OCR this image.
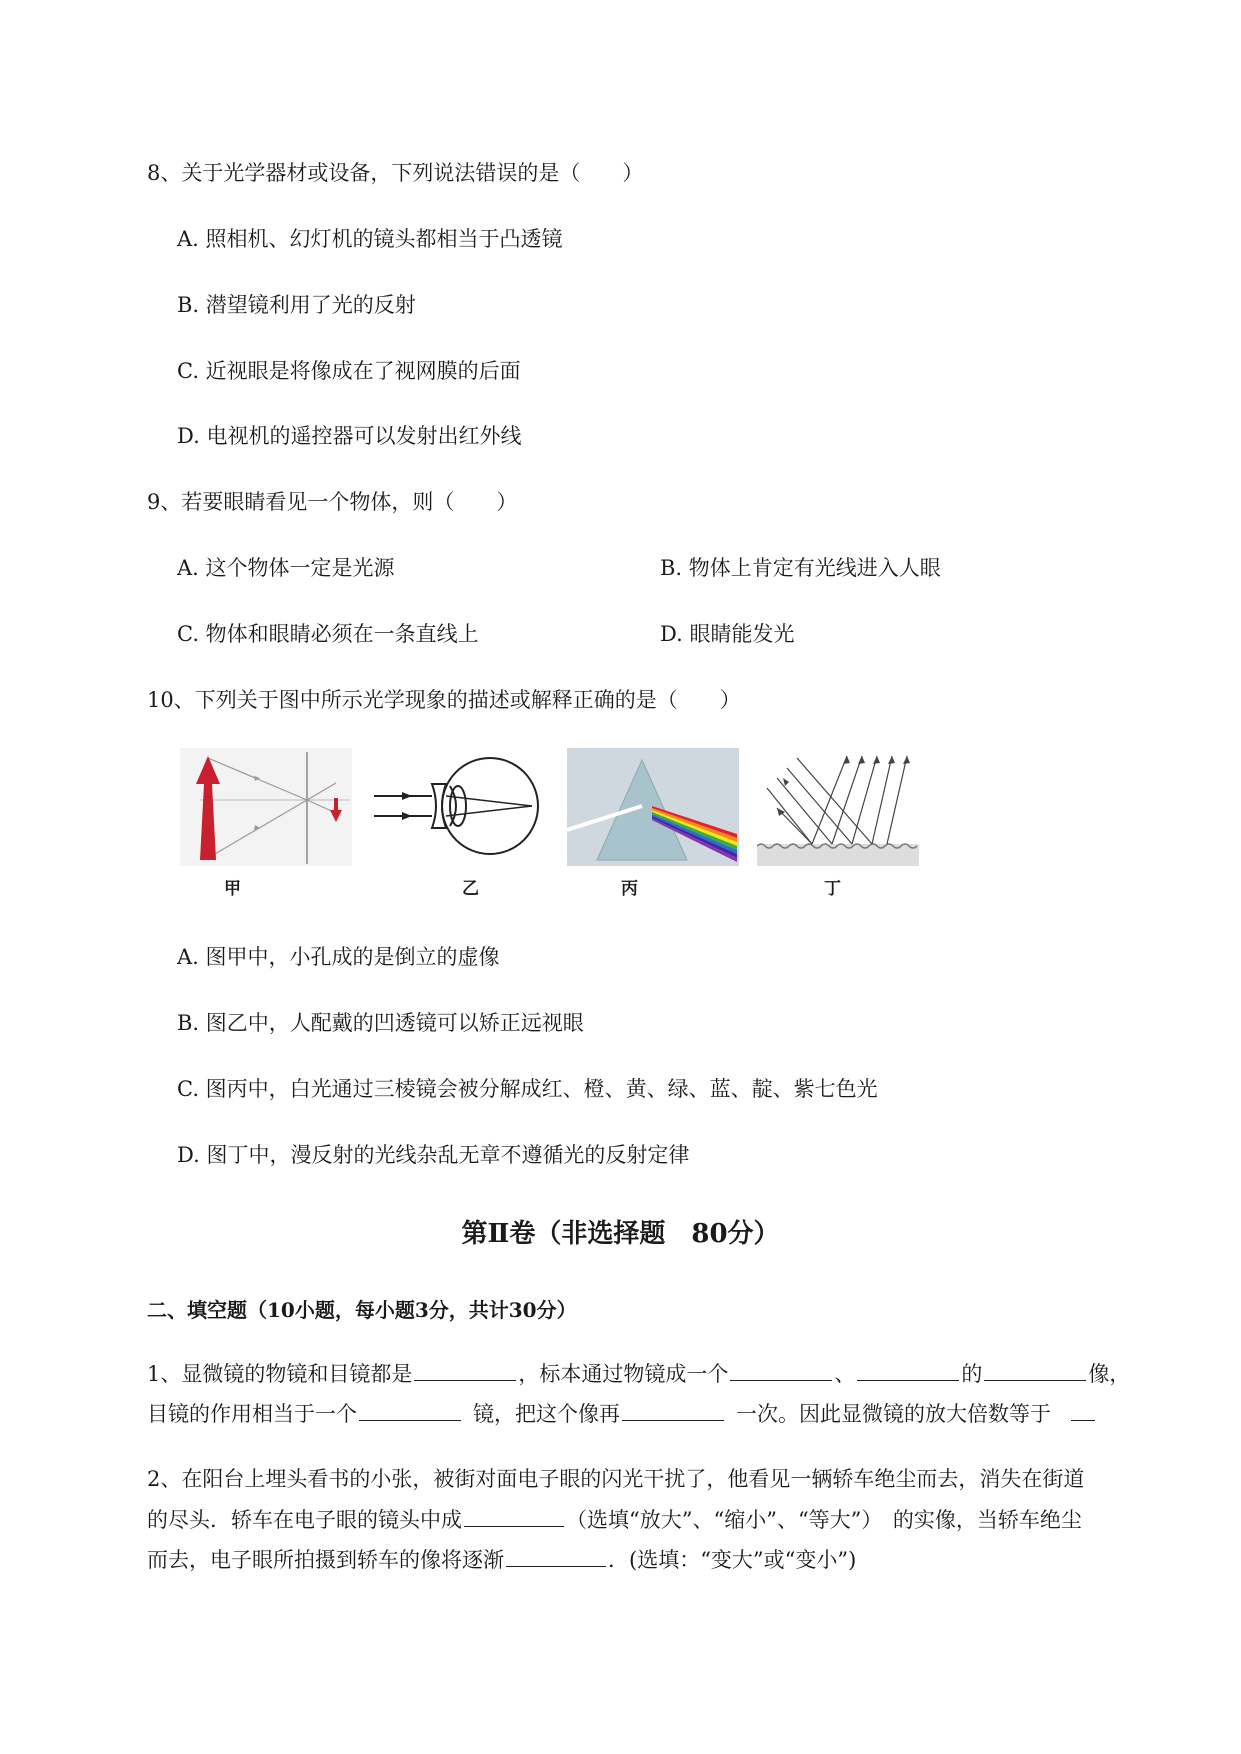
8、关于光学器材或设备，下列说法错误的是（　　）
A. 照相机、幻灯机的镜头都相当于凸透镜
B. 潜望镜利用了光的反射
C. 近视眼是将像成在了视网膜的后面
D. 电视机的遥控器可以发射出红外线
9、若要眼睛看见一个物体，则（　　）
A. 这个物体一定是光源	B. 物体上肯定有光线进入人眼
C. 物体和眼睛必须在一条直线上	D. 眼睛能发光
10、下列关于图中所示光学现象的描述或解释正确的是（　　）
甲	乙	丙	丁
A. 图甲中，小孔成的是倒立的虚像
B. 图乙中，人配戴的凹透镜可以矫正远视眼
C. 图丙中，白光通过三棱镜会被分解成红、橙、黄、绿、蓝、靛、紫七色光
D. 图丁中，漫反射的光线杂乱无章不遵循光的反射定律
第Ⅱ卷（非选择题　80分）
二、填空题（10小题，每小题3分，共计30分）
1、显微镜的物镜和目镜都是	，标本通过物镜成一个	、	的	像，
目镜的作用相当于一个	镜，把这个像再	一次。因此显微镜的放大倍数等于
2、在阳台上埋头看书的小张，被街对面电子眼的闪光干扰了，他看见一辆轿车绝尘而去，消失在街道
的尽头．轿车在电子眼的镜头中成	（选填“放大”、“缩小”、“等大”）　的实像，当轿车绝尘
而去，电子眼所拍摄到轿车的像将逐渐	．(选填：“变大”或“变小”)
